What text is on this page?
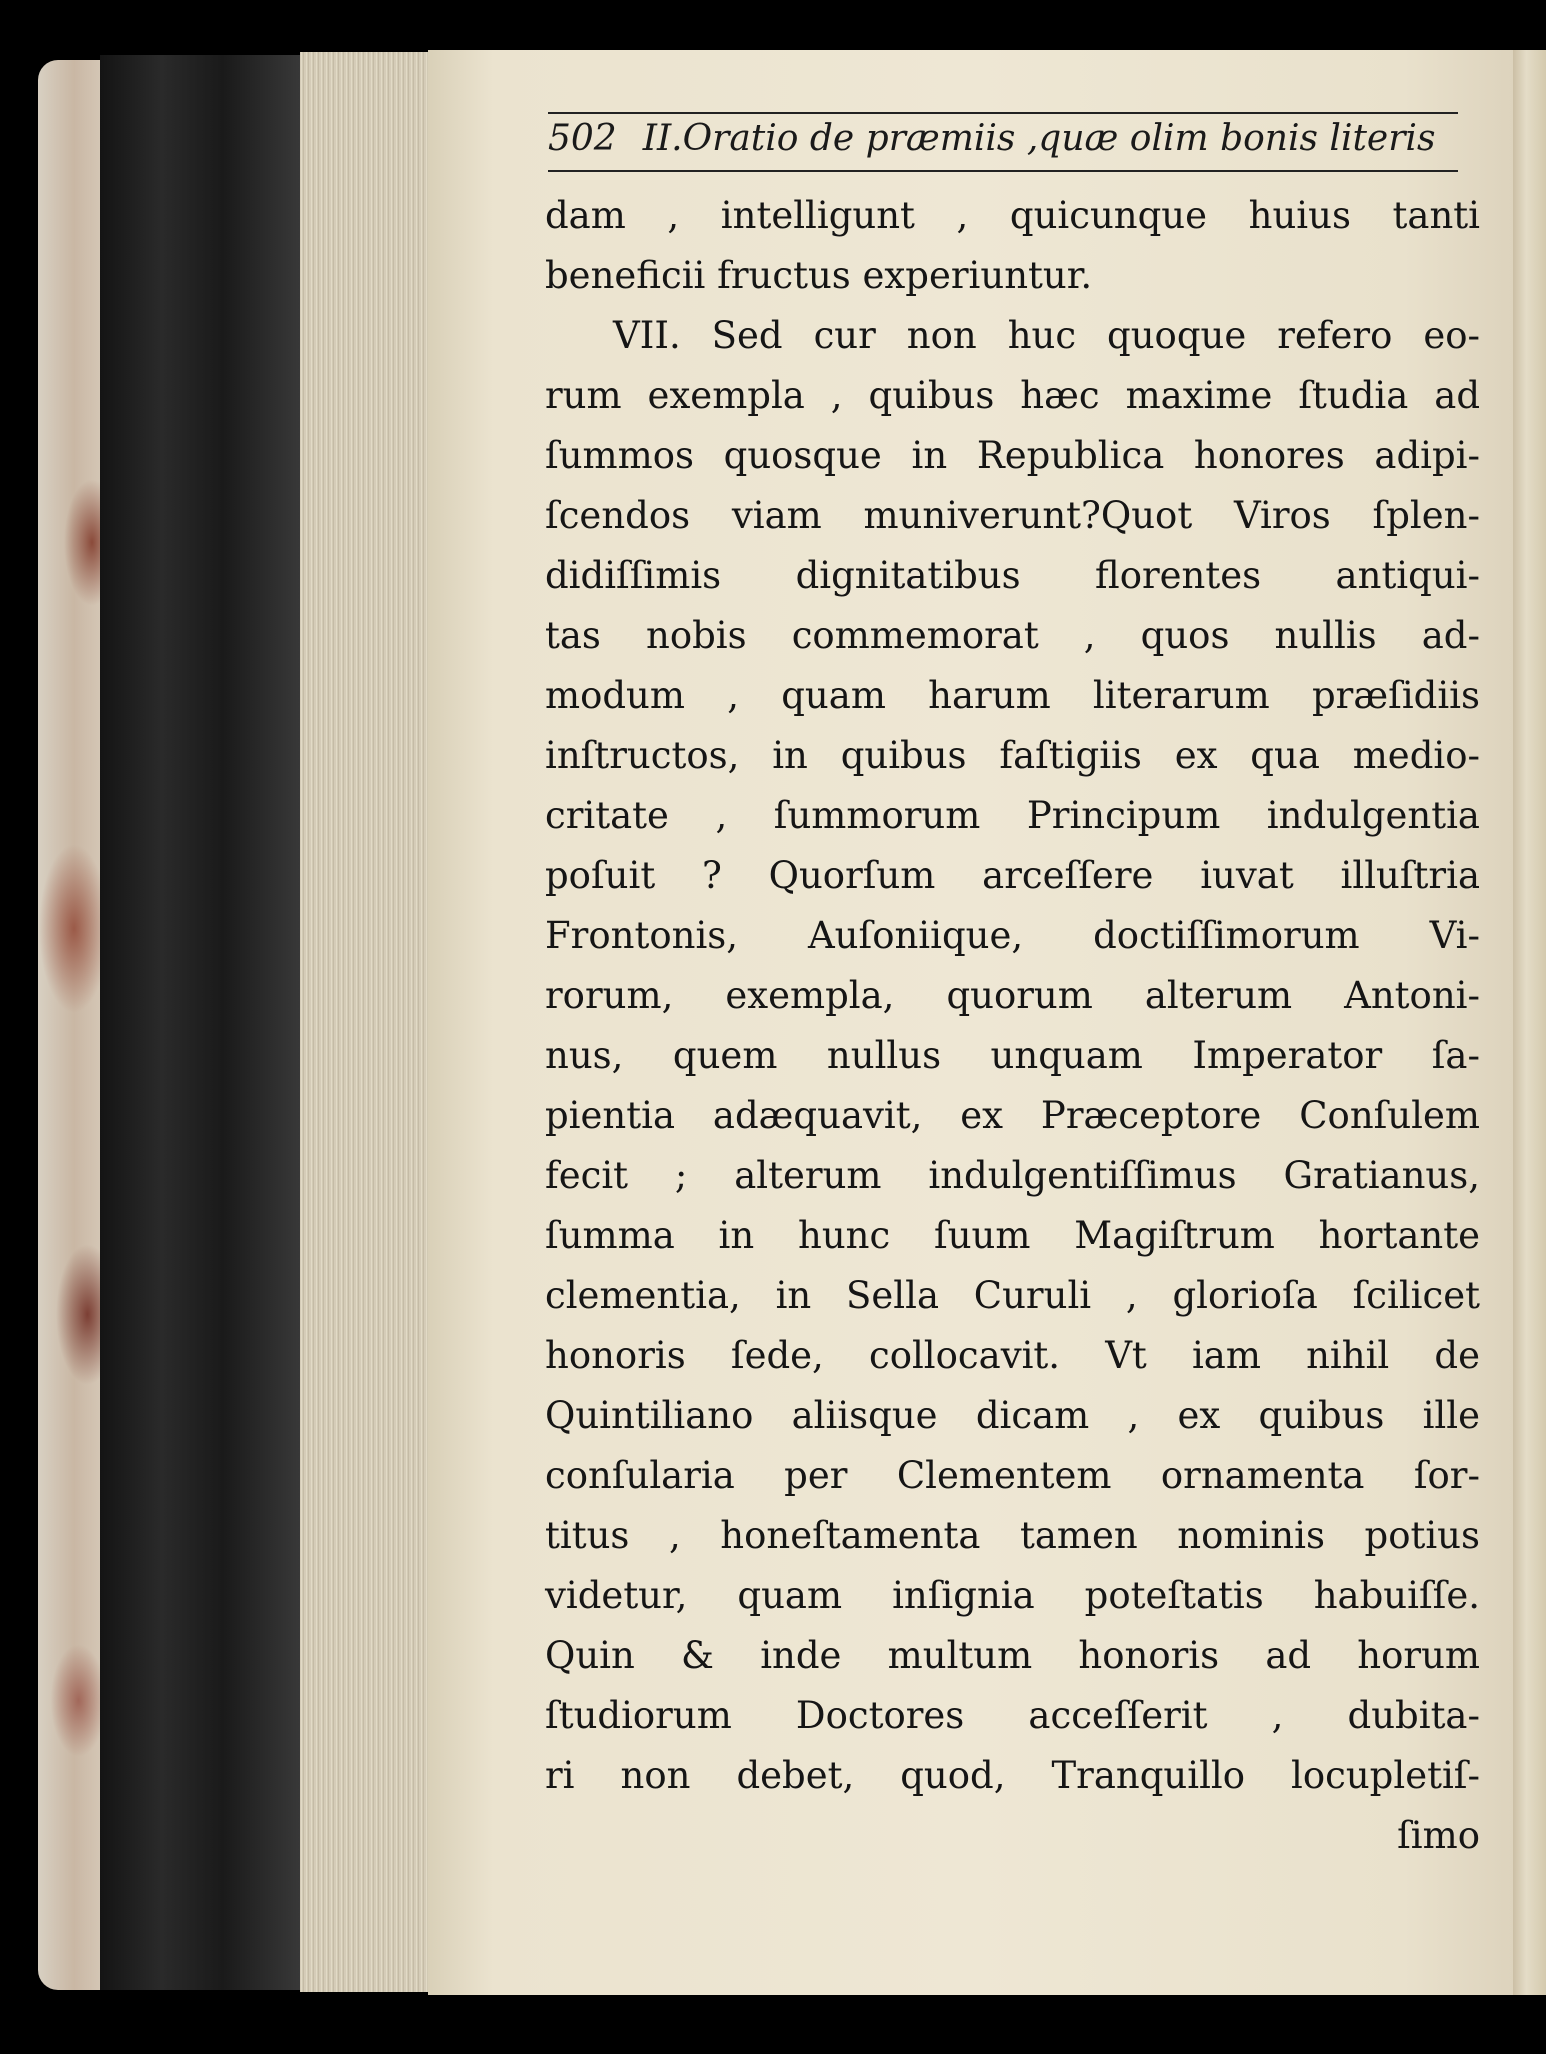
502 II.Oratio de præmiis ,quæ olim bonis literis
dam , intelligunt , quicunque huius tanti
beneficii fructus experiuntur.
VII. Sed cur non huc quoque refero eo-
rum exempla , quibus hæc maxime ſtudia ad
ſummos quosque in Republica honores adipi-
ſcendos viam muniverunt?Quot Viros ſplen-
didiſſimis dignitatibus florentes antiqui-
tas nobis commemorat , quos nullis ad-
modum , quam harum literarum præſidiis
inſtructos, in quibus faſtigiis ex qua medio-
critate , ſummorum Principum indulgentia
poſuit ? Quorſum arceſſere iuvat illuſtria
Frontonis, Auſoniique, doctiſſimorum Vi-
rorum, exempla, quorum alterum Antoni-
nus, quem nullus unquam Imperator ſa-
pientia adæquavit, ex Præceptore Conſulem
fecit ; alterum indulgentiſſimus Gratianus,
ſumma in hunc ſuum Magiſtrum hortante
clementia, in Sella Curuli , glorioſa ſcilicet
honoris ſede, collocavit. Vt iam nihil de
Quintiliano aliisque dicam , ex quibus ille
conſularia per Clementem ornamenta ſor-
titus , honeſtamenta tamen nominis potius
videtur, quam inſignia poteſtatis habuiſſe.
Quin & inde multum honoris ad horum
ſtudiorum Doctores acceſſerit , dubita-
ri non debet, quod, Tranquillo locupletiſ-
ſimo
